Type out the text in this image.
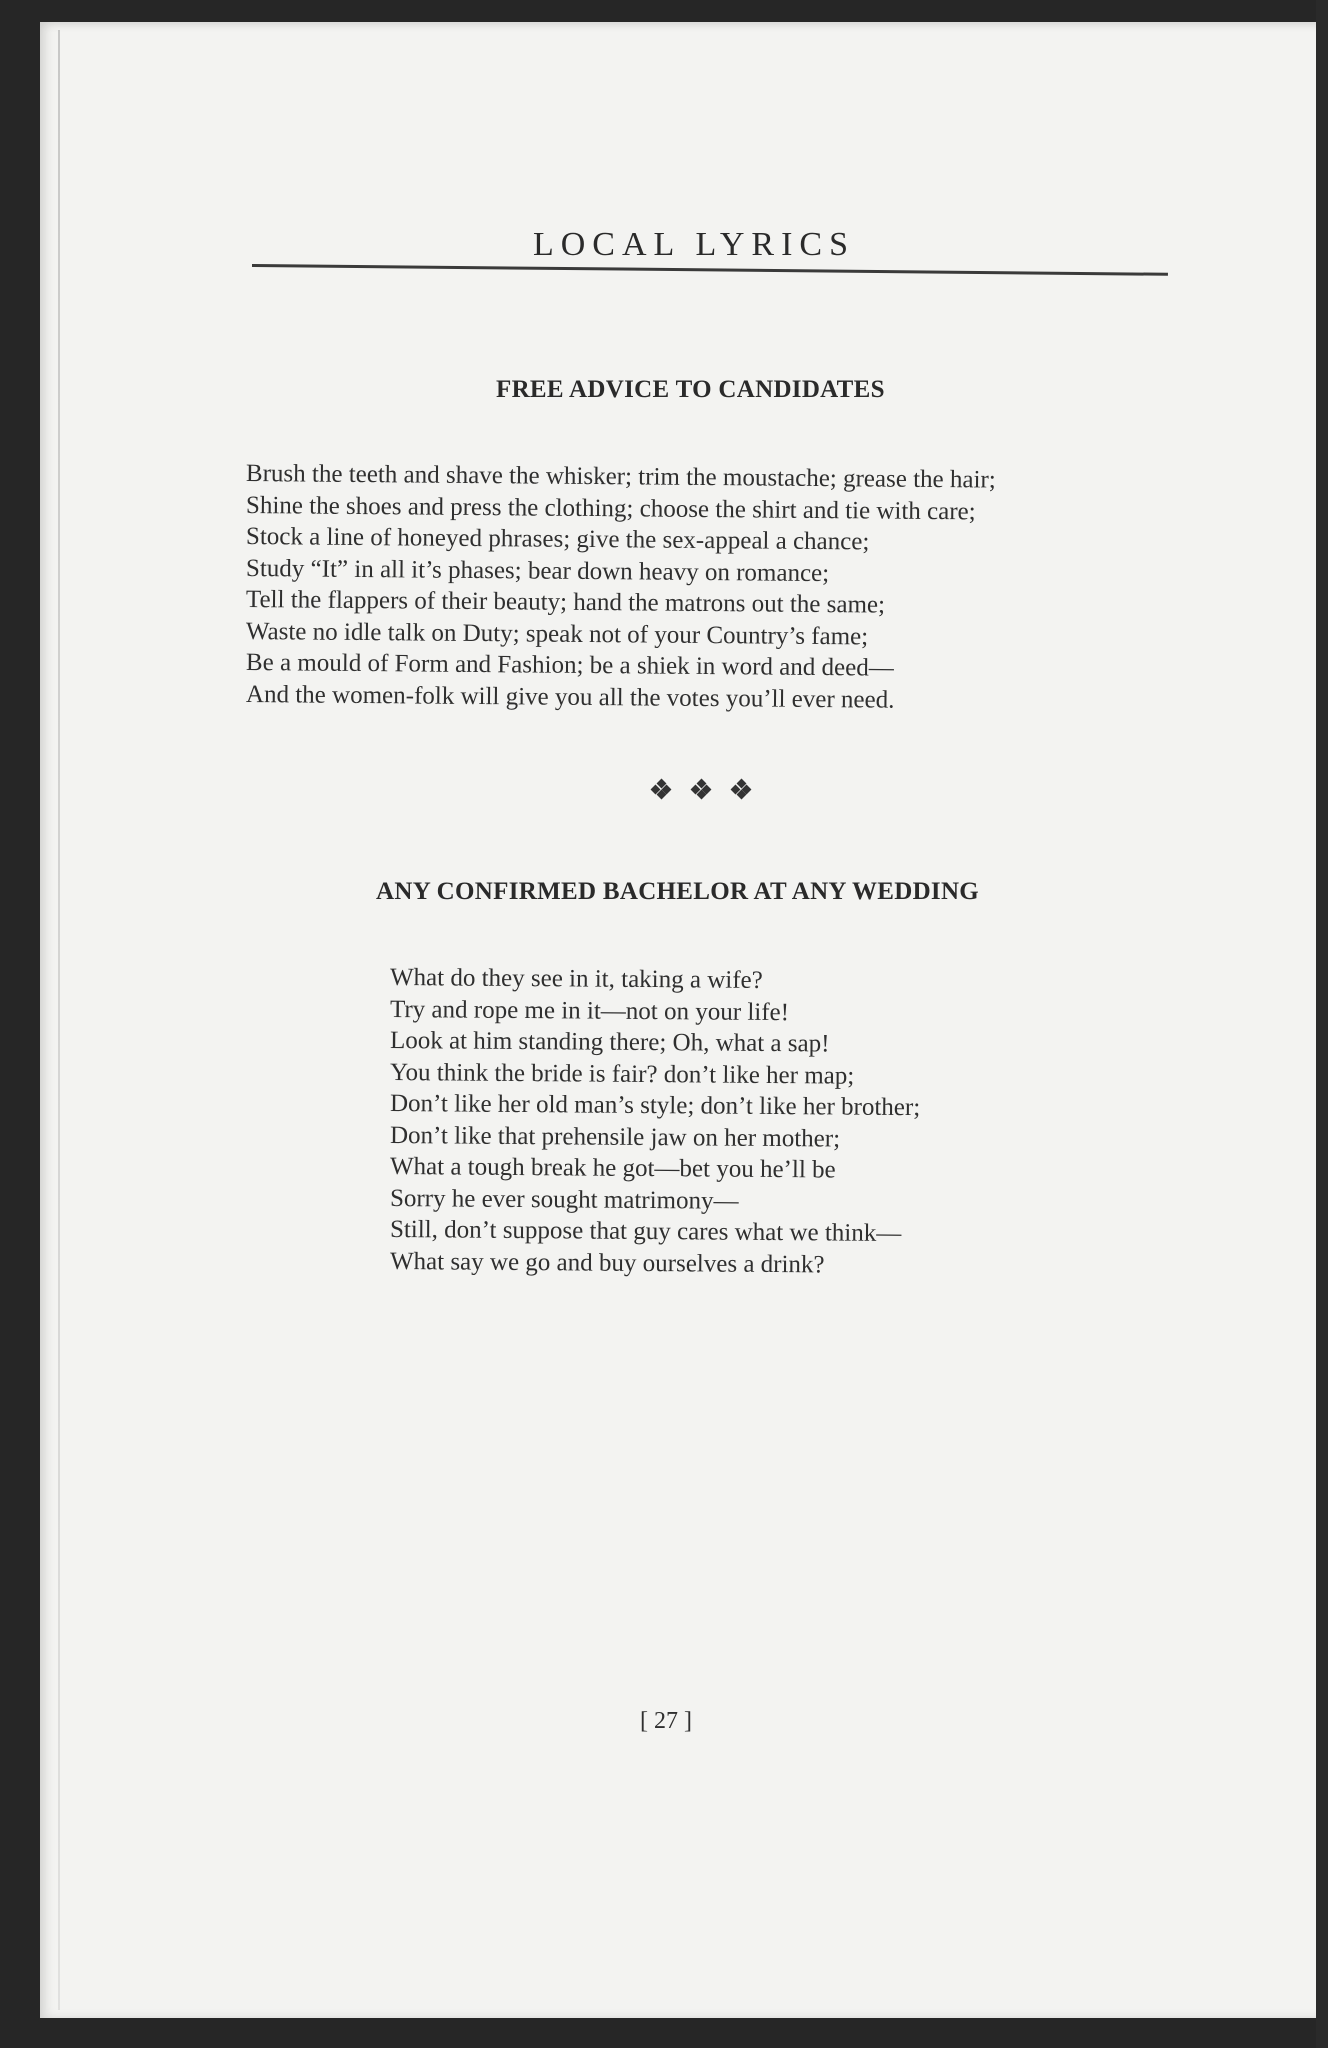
LOCAL LYRICS
FREE ADVICE TO CANDIDATES
Brush the teeth and shave the whisker; trim the moustache; grease the hair;
Shine the shoes and press the clothing; choose the shirt and tie with care;
Stock a line of honeyed phrases; give the sex-appeal a chance;
Study “It” in all it’s phases; bear down heavy on romance;
Tell the flappers of their beauty; hand the matrons out the same;
Waste no idle talk on Duty; speak not of your Country’s fame;
Be a mould of Form and Fashion; be a shiek in word and deed—
And the women-folk will give you all the votes you’ll ever need.
ANY CONFIRMED BACHELOR AT ANY WEDDING
What do they see in it, taking a wife?
Try and rope me in it—not on your life!
Look at him standing there; Oh, what a sap!
You think the bride is fair? don’t like her map;
Don’t like her old man’s style; don’t like her brother;
Don’t like that prehensile jaw on her mother;
What a tough break he got—bet you he’ll be
Sorry he ever sought matrimony—
Still, don’t suppose that guy cares what we think—
What say we go and buy ourselves a drink?
[ 27 ]
